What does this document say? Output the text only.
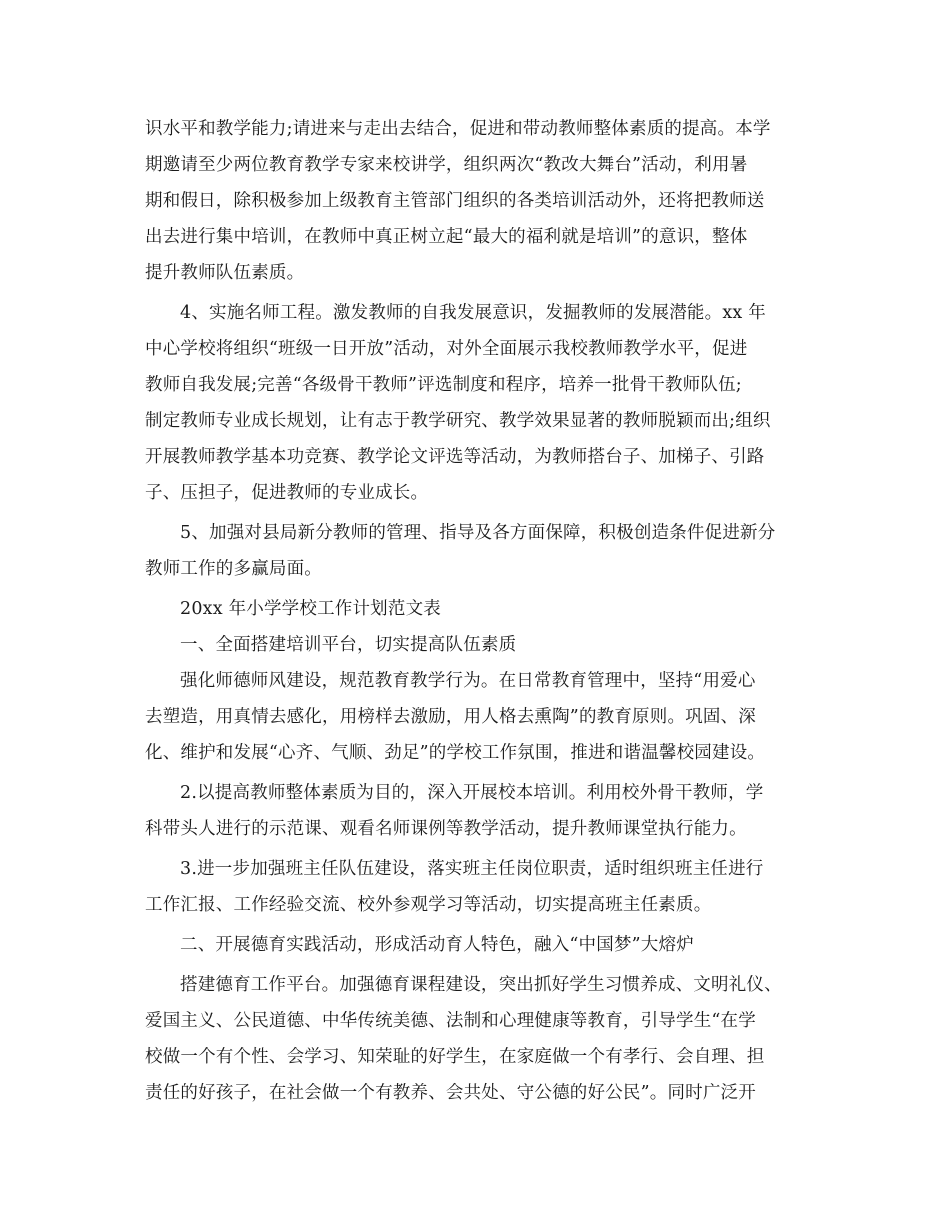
识水平和教学能力;请进来与走出去结合，促进和带动教师整体素质的提高。本学
期邀请至少两位教育教学专家来校讲学，组织两次“教改大舞台”活动，利用暑
期和假日，除积极参加上级教育主管部门组织的各类培训活动外，还将把教师送
出去进行集中培训，在教师中真正树立起“最大的福利就是培训”的意识，整体
提升教师队伍素质。
4、实施名师工程。激发教师的自我发展意识，发掘教师的发展潜能。xx 年
中心学校将组织“班级一日开放”活动，对外全面展示我校教师教学水平，促进
教师自我发展;完善“各级骨干教师”评选制度和程序，培养一批骨干教师队伍;
制定教师专业成长规划，让有志于教学研究、教学效果显著的教师脱颖而出;组织
开展教师教学基本功竞赛、教学论文评选等活动，为教师搭台子、加梯子、引路
子、压担子，促进教师的专业成长。
5、加强对县局新分教师的管理、指导及各方面保障，积极创造条件促进新分
教师工作的多赢局面。
20xx 年小学学校工作计划范文表
一、全面搭建培训平台，切实提高队伍素质
强化师德师风建设，规范教育教学行为。在日常教育管理中，坚持“用爱心
去塑造，用真情去感化，用榜样去激励，用人格去熏陶”的教育原则。巩固、深
化、维护和发展“心齐、气顺、劲足”的学校工作氛围，推进和谐温馨校园建设。
2.以提高教师整体素质为目的，深入开展校本培训。利用校外骨干教师，学
科带头人进行的示范课、观看名师课例等教学活动，提升教师课堂执行能力。
3.进一步加强班主任队伍建设，落实班主任岗位职责，适时组织班主任进行
工作汇报、工作经验交流、校外参观学习等活动，切实提高班主任素质。
二、开展德育实践活动，形成活动育人特色，融入“中国梦”大熔炉
搭建德育工作平台。加强德育课程建设，突出抓好学生习惯养成、文明礼仪、
爱国主义、公民道德、中华传统美德、法制和心理健康等教育，引导学生“在学
校做一个有个性、会学习、知荣耻的好学生，在家庭做一个有孝行、会自理、担
责任的好孩子，在社会做一个有教养、会共处、守公德的好公民”。同时广泛开
